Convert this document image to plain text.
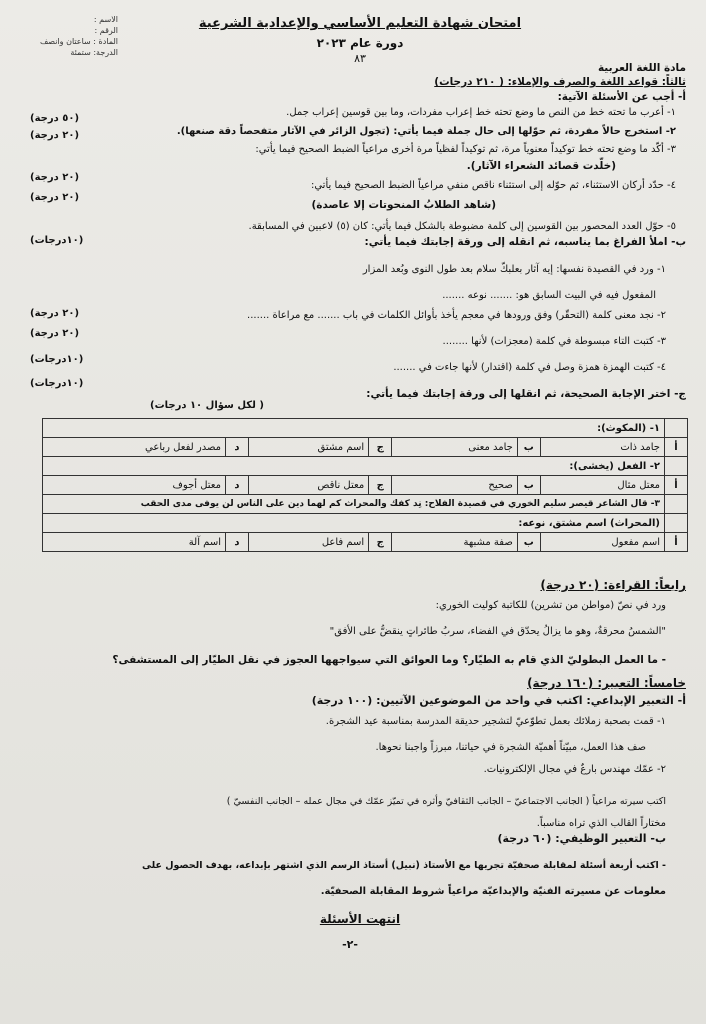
الاسم :
الرقم :
المادة : ساعتان وانصف
الدرجة: ستمئة
امتحان شهادة التعليم الأساسي والإعدادية الشرعية
دورة عام ٢٠٢٣
٨٣
مادة اللغة العربية
ثالثاً: قواعد اللغة والصرف والإملاء: ( ٢١٠ درجات)
أ- أجب عن الأسئلة الآتية:
١- أعرب ما تحته خط من النص ما وضع تحته خط إعراب مفردات، وما بين قوسين إعراب جمل.
(٥٠ درجة)
٢- استخرج حالاً مفردة، ثم حوّلها إلى حال جملة فيما يأتي: (تجول الزائر في الآثار متفحصاً دقة صنعها).
(٢٠ درجة)
٣- أكّد ما وضع تحته خط توكيداً معنوياً مرة، ثم توكيداً لفظياً مرة أخرى مراعياً الضبط الصحيح فيما يأتي:
(خلّدت قصائد الشعراء الآثار).
(٢٠ درجة)
٤- حدّد أركان الاستثناء، ثم حوّله إلى استثناء ناقص منفي مراعياً الضبط الصحيح فيما يأتي:
(٢٠ درجة)
(شاهد الطلابُ المنحوتات إلا عاصدة)
٥- حوّل العدد المحصور بين القوسين إلى كلمة مضبوطة بالشكل فيما يأتي: كان (٥) لاعبين في المسابقة.
(١٠درجات)	ب- املأ الفراغ بما يناسبه، ثم انقله إلى ورقة إجابتك فيما يأتي:
١- ورد في القصيدة نفسها: إيه آثار بعلبكّ سلام بعد طول النوى وبُعد المزار
المفعول فيه في البيت السابق هو: ....... نوعه .......
(٢٠ درجة)	٢- نجد معنى كلمة (التحقّر) وفق ورودها في معجم يأخذ بأوائل الكلمات في باب ....... مع مراعاة .......
(٢٠ درجة)
٣- كتبت التاء مبسوطة في كلمة (معجزات) لأنها ........
(١٠درجات)
٤- كتبت الهمزة همزة وصل في كلمة (اقتدار) لأنها جاءت في .......
(١٠درجات)
ج- اختر الإجابة الصحيحة، ثم انقلها إلى ورقة إجابتك فيما يأتي:
( لكل سؤال ١٠ درجات)
	١- (المكوث):						
أ	جامد ذات	ب	جامد معنى	ج	اسم مشتق	د	مصدر لفعل رباعي
	٢- الفعل (يخشى):						
أ	معتل مثال	ب	صحيح	ج	معتل ناقص	د	معتل أجوف
	٣- قال الشاعر قيصر سليم الخوري في قصيدة الفلاح: نِد كفك والمحراث كم لهما دين على الناس لن يوفى مدى الحقب						
	(المحراث) اسم مشتق، نوعه:						
أ	اسم مفعول	ب	صفة مشبهة	ج	اسم فاعل	د	اسم آلة
رابعاً: القراءة: (٢٠ درجة)
ورد في نصّ (مواطن من تشرين) للكاتبة كوليت الخوري:
"الشمسُ محرقةٌ، وهو ما يزالُ يحدّق في الفضاء، سربُ طائراتٍ ينقضُّ على الأفق"
- ما العمل البطوليّ الذي قام به الطيّار؟ وما العوائق التي سيواجهها العجوز في نقل الطيّار إلى المستشفى؟
خامساً: التعبير: (١٦٠ درجة)
أ- التعبير الإبداعي: اكتب في واحد من الموضوعين الآتيين: (١٠٠ درجة)
١- قمت بصحبة زملائك بعمل تطوّعيّ لتشجير حديقة المدرسة بمناسبة عيد الشجرة.
صف هذا العمل، مبيّناً أهميّة الشجرة في حياتنا، مبرزاً واجبنا نحوها.
٢- عمّك مهندس بارعٌ في مجال الإلكترونيات.
اكتب سيرته مراعياً ( الجانب الاجتماعيّ – الجانب الثقافيّ وأثره في تميّز عمّك في مجال عمله – الجانب النفسيّ )
مختاراً القالب الذي تراه مناسباً.
ب- التعبير الوظيفي: (٦٠ درجة)
- اكتب أربعة أسئلة لمقابلة صحفيّة تجريها مع الأستاذ (نبيل) أستاذ الرسم الذي اشتهر بإبداعه، بهدف الحصول على
معلومات عن مسيرته الفنيّة والإبداعيّة مراعياً شروط المقابلة الصحفيّة.
انتهت الأسئلة
-٢-
